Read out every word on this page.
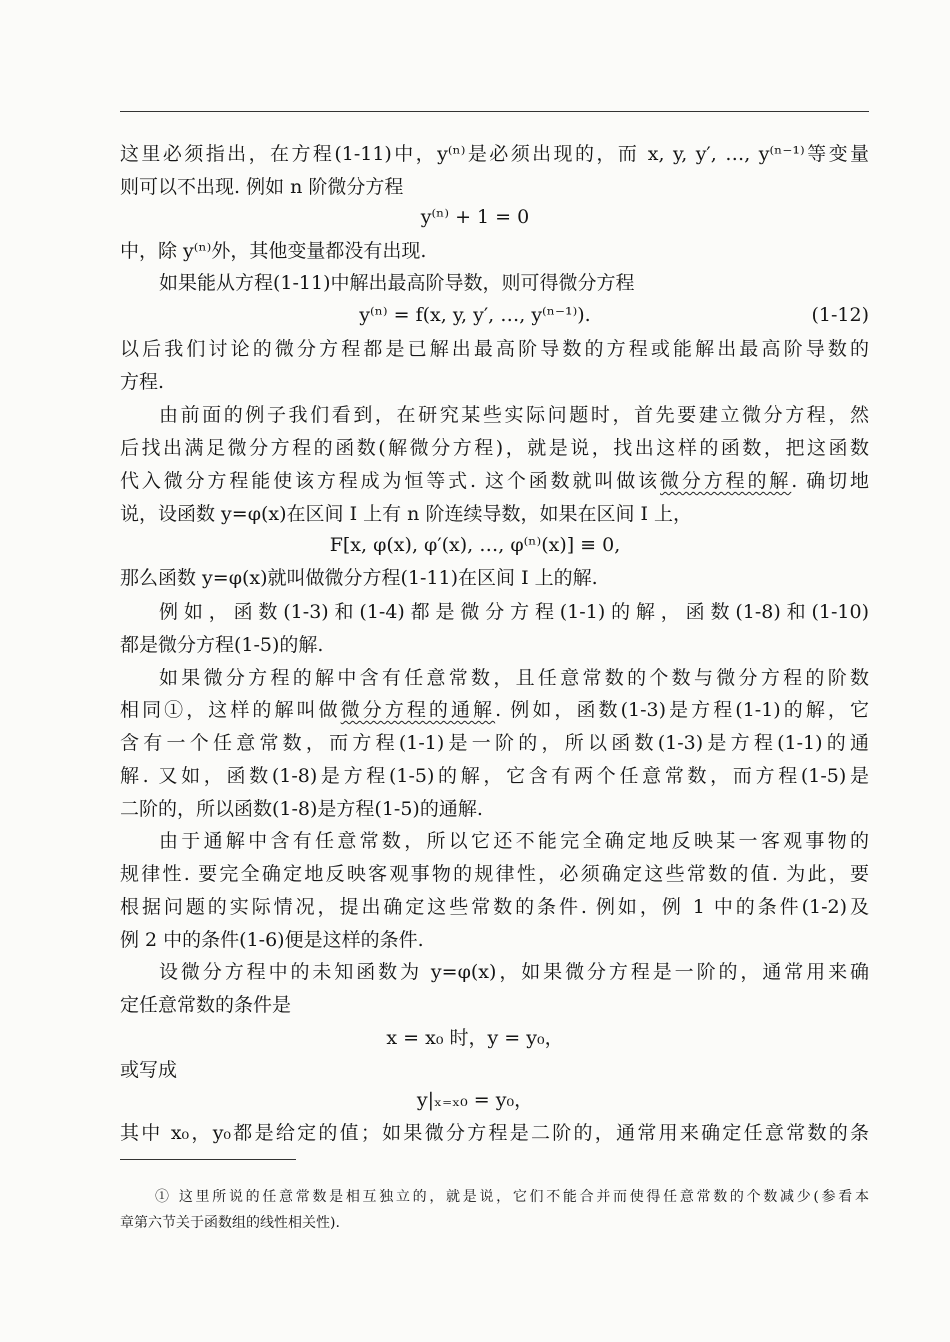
这里必须指出，在方程(1-11)中，y⁽ⁿ⁾是必须出现的，而 x, y, y′, …, y⁽ⁿ⁻¹⁾等变量
则可以不出现. 例如 n 阶微分方程
y⁽ⁿ⁾ + 1 = 0
中，除 y⁽ⁿ⁾外，其他变量都没有出现.
如果能从方程(1-11)中解出最高阶导数，则可得微分方程
y⁽ⁿ⁾ = f(x, y, y′, …, y⁽ⁿ⁻¹⁾).	(1-12)
以后我们讨论的微分方程都是已解出最高阶导数的方程或能解出最高阶导数的
方程.
由前面的例子我们看到，在研究某些实际问题时，首先要建立微分方程，然
后找出满足微分方程的函数(解微分方程)，就是说，找出这样的函数，把这函数
代入微分方程能使该方程成为恒等式. 这个函数就叫做该微分方程的解. 确切地
说，设函数 y=φ(x)在区间 I 上有 n 阶连续导数，如果在区间 I 上，
F[x, φ(x), φ′(x), …, φ⁽ⁿ⁾(x)] ≡ 0,
那么函数 y=φ(x)就叫做微分方程(1-11)在区间 I 上的解.
例如，函数(1-3)和(1-4)都是微分方程(1-1)的解，函数(1-8)和(1-10)
都是微分方程(1-5)的解.
如果微分方程的解中含有任意常数，且任意常数的个数与微分方程的阶数
相同①，这样的解叫做微分方程的通解. 例如，函数(1-3)是方程(1-1)的解，它
含有一个任意常数，而方程(1-1)是一阶的，所以函数(1-3)是方程(1-1)的通
解. 又如，函数(1-8)是方程(1-5)的解，它含有两个任意常数，而方程(1-5)是
二阶的，所以函数(1-8)是方程(1-5)的通解.
由于通解中含有任意常数，所以它还不能完全确定地反映某一客观事物的
规律性. 要完全确定地反映客观事物的规律性，必须确定这些常数的值. 为此，要
根据问题的实际情况，提出确定这些常数的条件. 例如，例 1 中的条件(1-2)及
例 2 中的条件(1-6)便是这样的条件.
设微分方程中的未知函数为 y=φ(x)，如果微分方程是一阶的，通常用来确
定任意常数的条件是
x = x₀ 时，y = y₀，
或写成
y|ₓ₌ₓ₀ = y₀，
其中 x₀，y₀都是给定的值；如果微分方程是二阶的，通常用来确定任意常数的条
① 这里所说的任意常数是相互独立的，就是说，它们不能合并而使得任意常数的个数减少(参看本
章第六节关于函数组的线性相关性).
